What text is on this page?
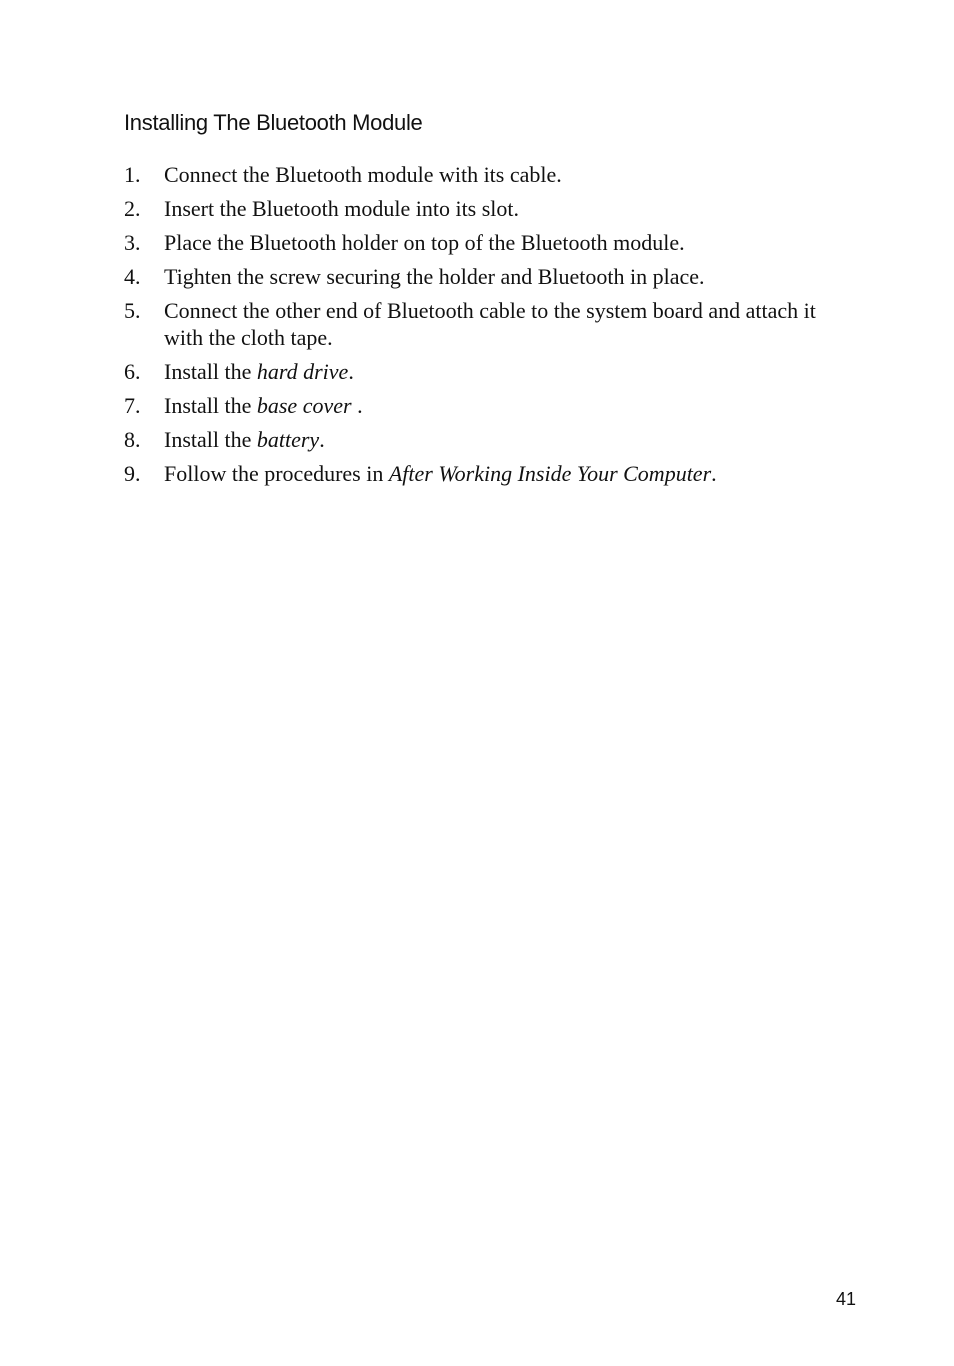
Installing The Bluetooth Module
1.	Connect the Bluetooth module with its cable.
2.	Insert the Bluetooth module into its slot.
3.	Place the Bluetooth holder on top of the Bluetooth module.
4.	Tighten the screw securing the holder and Bluetooth in place.
5.	Connect the other end of Bluetooth cable to the system board and attach it with the cloth tape.
6.	Install the hard drive.
7.	Install the base cover .
8.	Install the battery.
9.	Follow the procedures in After Working Inside Your Computer.
41
